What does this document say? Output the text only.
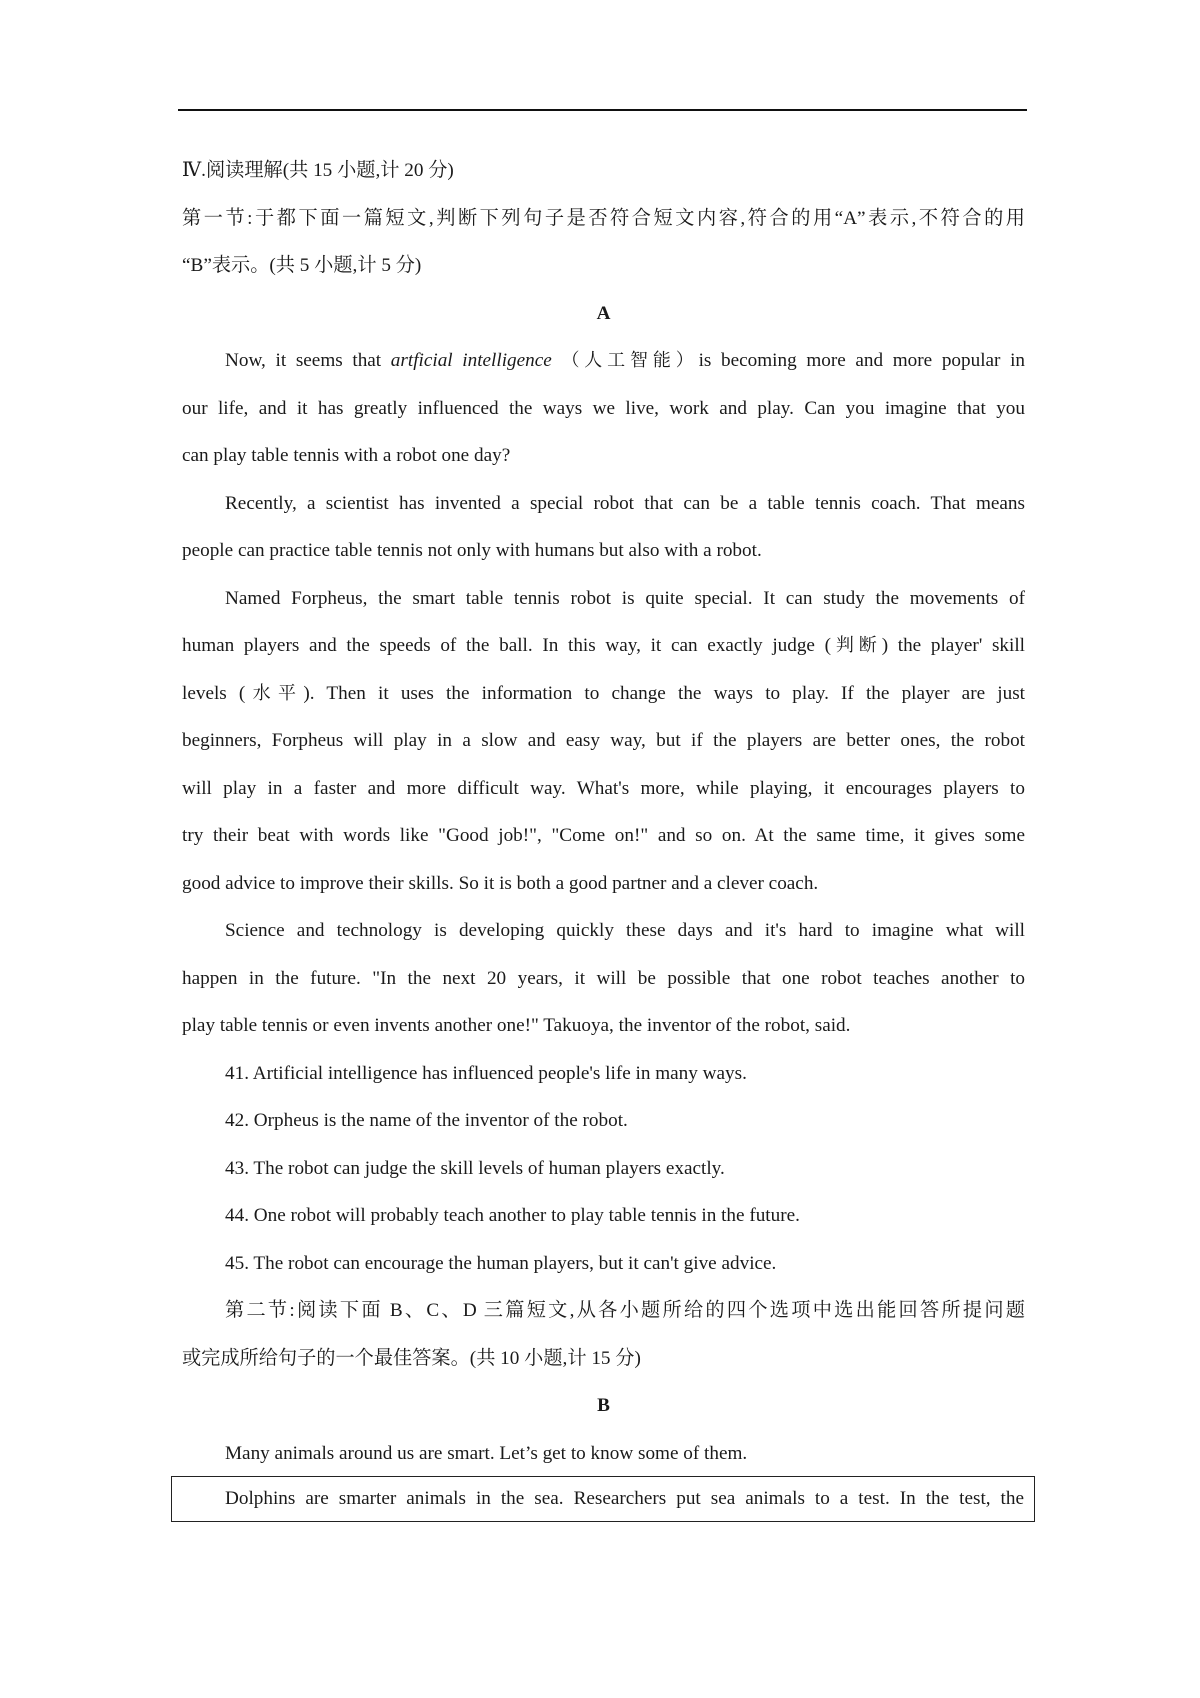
Ⅳ.阅读理解(共 15 小题,计 20 分)

第一节:于都下面一篇短文,判断下列句子是否符合短文内容,符合的用“A”表示,不符合的用

“B”表示。(共 5 小题,计 5 分)

A

Now, it seems that artficial intelligence （人工智能）is becoming more and more popular in

our life, and it has greatly influenced the ways we live, work and play. Can you imagine that you

can play table tennis with a robot one day?

Recently, a scientist has invented a special robot that can be a table tennis coach. That means

people can practice table tennis not only with humans but also with a robot.

Named Forpheus, the smart table tennis robot is quite special. It can study the movements of

human players and the speeds of the ball. In this way, it can exactly judge (判断) the player' skill

levels (水平). Then it uses the information to change the ways to play. If the player are just

beginners, Forpheus will play in a slow and easy way, but if the players are better ones, the robot

will play in a faster and more difficult way. What's more, while playing, it encourages players to

try their beat with words like "Good job!", "Come on!" and so on. At the same time, it gives some

good advice to improve their skills. So it is both a good partner and a clever coach.

Science and technology is developing quickly these days and it's hard to imagine what will

happen in the future. "In the next 20 years, it will be possible that one robot teaches another to

play table tennis or even invents another one!" Takuoya, the inventor of the robot, said.

41. Artificial intelligence has influenced people's life in many ways.

42. Orpheus is the name of the inventor of the robot.

43. The robot can judge the skill levels of human players exactly.

44. One robot will probably teach another to play table tennis in the future.

45. The robot can encourage the human players, but it can't give advice.

第二节:阅读下面 B、C、D 三篇短文,从各小题所给的四个选项中选出能回答所提问题

或完成所给句子的一个最佳答案。(共 10 小题,计 15 分)

B

Many animals around us are smart. Let’s get to know some of them.

Dolphins are smarter animals in the sea. Researchers put sea animals to a test. In the test, the
